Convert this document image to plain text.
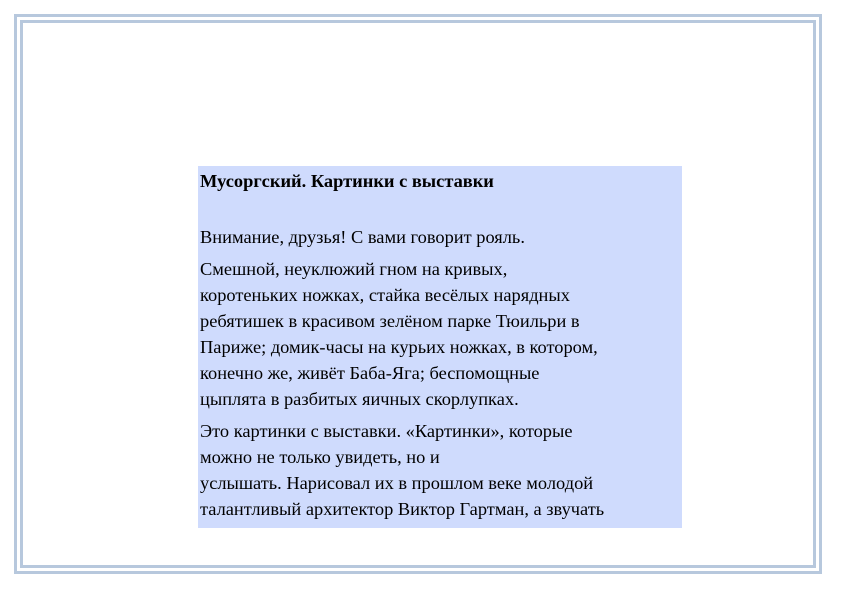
Мусоргский. Картинки с выставки
Внимание, друзья! С вами говорит рояль.
Смешной, неуклюжий гном на кривых,
коротеньких ножках, стайка весёлых нарядных
ребятишек в красивом зелёном парке Тюильри в
Париже; домик-часы на курьих ножках, в котором,
конечно же, живёт Баба-Яга; беспомощные
цыплята в разбитых яичных скорлупках.
Это картинки с выставки. «Картинки», которые
можно не только увидеть, но и
услышать. Нарисовал их в прошлом веке молодой
талантливый архитектор Виктор Гартман, а звучать
